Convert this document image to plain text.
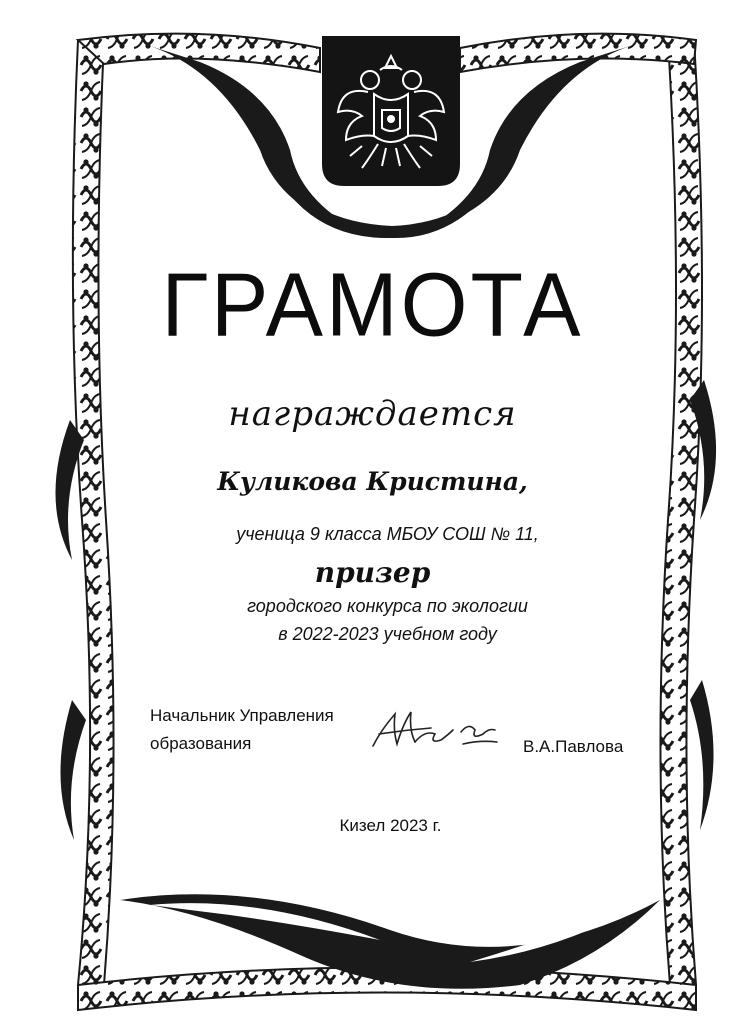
ГРАМОТА
награждается
Куликова Кристина,
ученица 9 класса МБОУ СОШ № 11,
призер
городского конкурса по экологии
в 2022-2023 учебном году
Начальник Управления
образования	В.А.Павлова
Кизел 2023 г.
